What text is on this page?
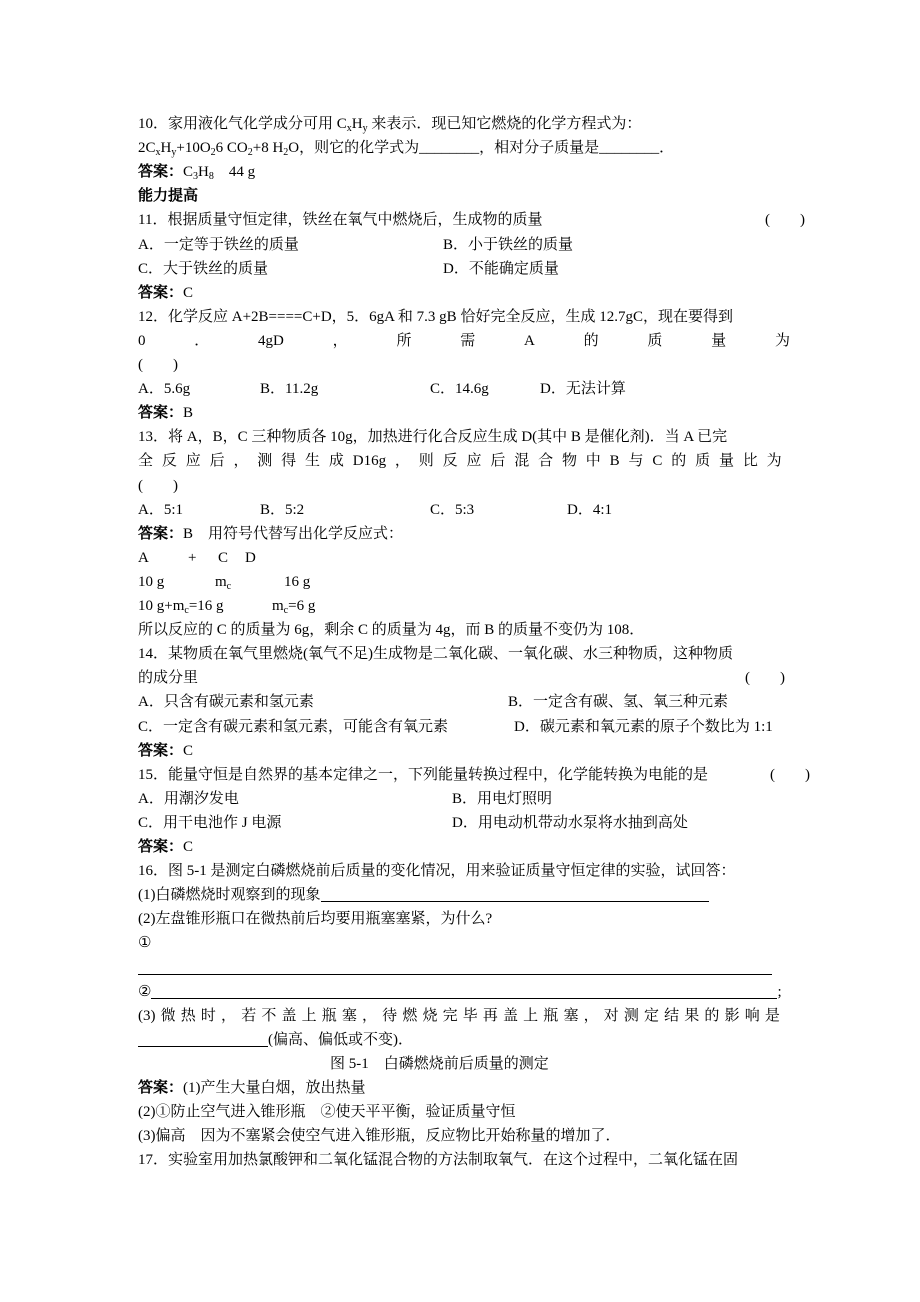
10．家用液化气化学成分可用 $C_xH_y$ 来表示．现已知它燃烧的化学方程式为：
$2C_xH_y+10O_26$ $CO_2+8$ $H_2O$，则它的化学式为________，相对分子质量是________．
答案：$C_3H_8$　44 g
能力提高
11．根据质量守恒定律，铁丝在氧气中燃烧后，生成物的质量	(　　)
A．一定等于铁丝的质量	B．小于铁丝的质量
C．大于铁丝的质量	D．不能确定质量
答案：C
12．化学反应 A+2B====C+D，5．6gA 和 7.3 gB 恰好完全反应，生成 12.7gC，现在要得到
0	．	4gD	，	所	需	A	的	质	量	为
(　　)
A．5.6g	B．11.2g	C．14.6g	D．无法计算
答案：B
13．将 A，B，C 三种物质各 10g，加热进行化合反应生成 D(其中 B 是催化剂)．当 A 已完
全 反 应 后 ， 测 得 生 成 D16g ， 则 反 应 后 混 合 物 中 B 与 C 的 质 量 比 为
(　　)
A．5:1	B．5:2	C．5:3	D．4:1
答案：B　用符号代替写出化学反应式：
A	+ C D
10 g	$m_c$	16 g
10 $g+m_c=16$ g	$m_c=6$ g
所以反应的 C 的质量为 6g，剩余 C 的质量为 4g，而 B 的质量不变仍为 108．
14．某物质在氧气里燃烧(氧气不足)生成物是二氧化碳、一氧化碳、水三种物质，这种物质
的成分里	(　　)
A．只含有碳元素和氢元素	B．一定含有碳、氢、氧三种元素
C．一定含有碳元素和氢元素，可能含有氧元素	D．碳元素和氧元素的原子个数比为 1:1
答案：C
15．能量守恒是自然界的基本定律之一，下列能量转换过程中，化学能转换为电能的是	(　　)
A．用潮汐发电	B．用电灯照明
C．用干电池作 J 电源	D．用电动机带动水泵将水抽到高处
答案：C
16．图 5-1 是测定白磷燃烧前后质量的变化情况，用来验证质量守恒定律的实验，试回答：
(1)白磷燃烧时观察到的现象
(2)左盘锥形瓶口在微热前后均要用瓶塞塞紧，为什么?
①
②	;
(3) 微 热 时 ， 若 不 盖 上 瓶 塞 ， 待 燃 烧 完 毕 再 盖 上 瓶 塞 ， 对 测 定 结 果 的 影 响 是
(偏高、偏低或不变)．
图 5-1　白磷燃烧前后质量的测定
答案：(1)产生大量白烟，放出热量
(2)①防止空气进入锥形瓶　②使天平平衡，验证质量守恒
(3)偏高　因为不塞紧会使空气进入锥形瓶，反应物比开始称量的增加了．
17．实验室用加热氯酸钾和二氧化锰混合物的方法制取氧气．在这个过程中，二氧化锰在固
